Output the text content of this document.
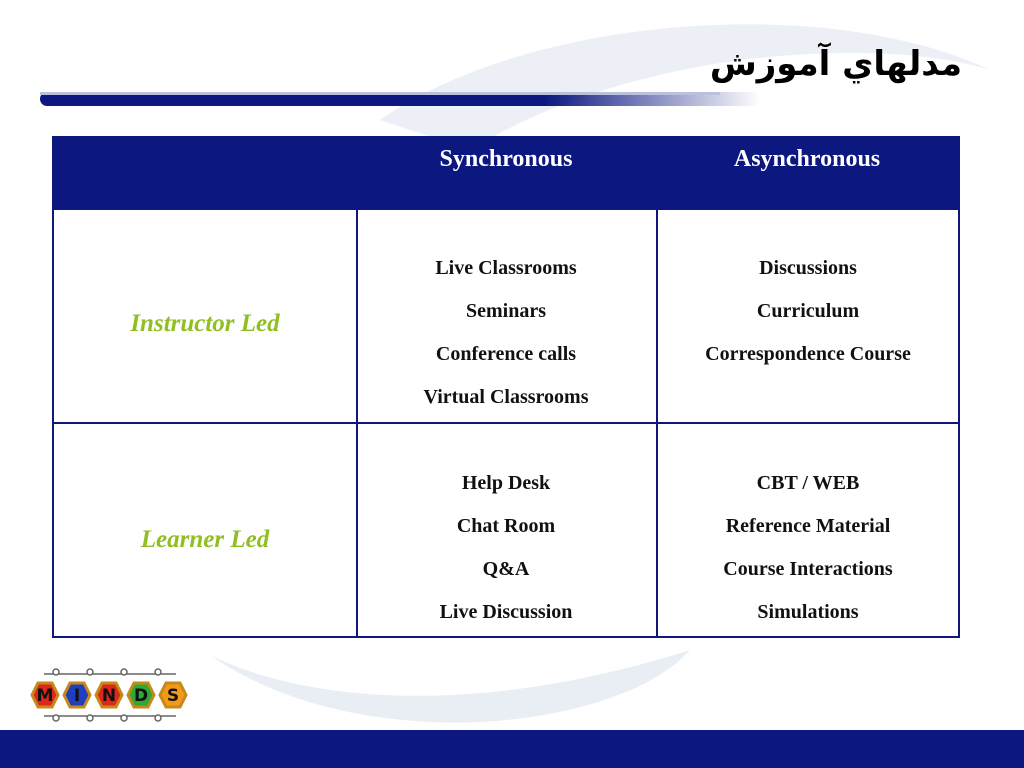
مدلهاي آموزش
Synchronous	Asynchronous
Instructor Led
Live Classrooms
Seminars
Conference calls
Virtual Classrooms
Discussions
Curriculum
Correspondence Course
Learner Led
Help Desk
Chat Room
Q&A
Live Discussion
CBT / WEB
Reference Material
Course Interactions
Simulations
M I N D S
